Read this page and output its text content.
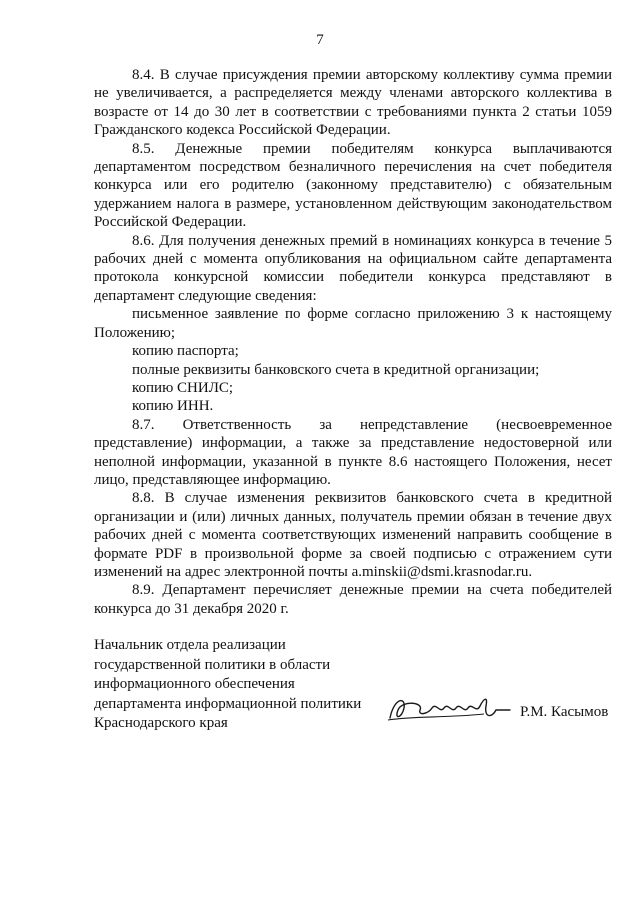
7

8.4. В случае присуждения премии авторскому коллективу сумма премии не увеличивается, а распределяется между членами авторского коллектива в возрасте от 14 до 30 лет в соответствии с требованиями пункта 2 статьи 1059 Гражданского кодекса Российской Федерации.

8.5. Денежные премии победителям конкурса выплачиваются департаментом посредством безналичного перечисления на счет победителя конкурса или его родителю (законному представителю) с обязательным удержанием налога в размере, установленном действующим законодательством Российской Федерации.

8.6. Для получения денежных премий в номинациях конкурса в течение 5 рабочих дней с момента опубликования на официальном сайте департамента протокола конкурсной комиссии победители конкурса представляют в департамент следующие сведения:

письменное заявление по форме согласно приложению 3 к настоящему Положению;

копию паспорта;

полные реквизиты банковского счета в кредитной организации;

копию СНИЛС;

копию ИНН.

8.7. Ответственность за непредставление (несвоевременное представление) информации, а также за представление недостоверной или неполной информации, указанной в пункте 8.6 настоящего Положения, несет лицо, представляющее информацию.

8.8. В случае изменения реквизитов банковского счета в кредитной организации и (или) личных данных, получатель премии обязан в течение двух рабочих дней с момента соответствующих изменений направить сообщение в формате PDF в произвольной форме за своей подписью с отражением сути изменений на адрес электронной почты a.minskii@dsmi.krasnodar.ru.

8.9. Департамент перечисляет денежные премии на счета победителей конкурса до 31 декабря 2020 г.

Начальник отдела реализации
государственной политики в области
информационного обеспечения
департамента информационной политики
Краснодарского края
Р.М. Касымов
